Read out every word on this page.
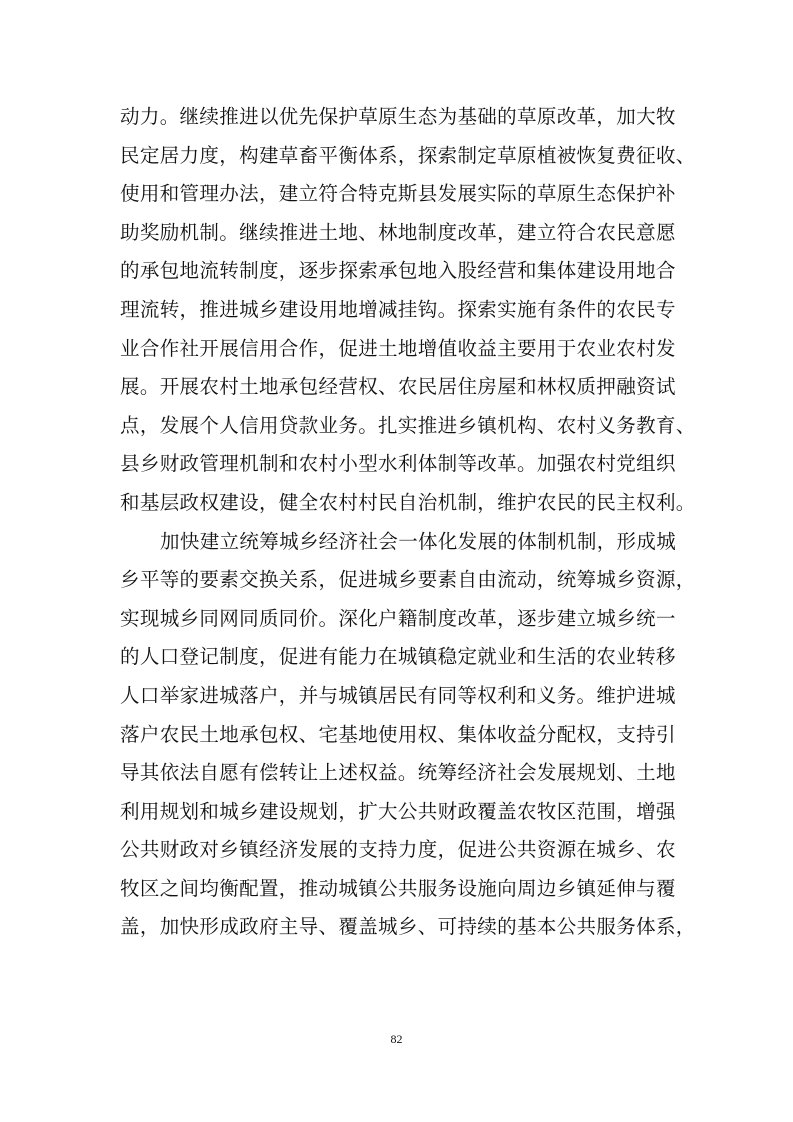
动力。继续推进以优先保护草原生态为基础的草原改革，加大牧
民定居力度，构建草畜平衡体系，探索制定草原植被恢复费征收、
使用和管理办法，建立符合特克斯县发展实际的草原生态保护补
助奖励机制。继续推进土地、林地制度改革，建立符合农民意愿
的承包地流转制度，逐步探索承包地入股经营和集体建设用地合
理流转，推进城乡建设用地增减挂钩。探索实施有条件的农民专
业合作社开展信用合作，促进土地增值收益主要用于农业农村发
展。开展农村土地承包经营权、农民居住房屋和林权质押融资试
点，发展个人信用贷款业务。扎实推进乡镇机构、农村义务教育、
县乡财政管理机制和农村小型水利体制等改革。加强农村党组织
和基层政权建设，健全农村村民自治机制，维护农民的民主权利。
加快建立统筹城乡经济社会一体化发展的体制机制，形成城
乡平等的要素交换关系，促进城乡要素自由流动，统筹城乡资源，
实现城乡同网同质同价。深化户籍制度改革，逐步建立城乡统一
的人口登记制度，促进有能力在城镇稳定就业和生活的农业转移
人口举家进城落户，并与城镇居民有同等权利和义务。维护进城
落户农民土地承包权、宅基地使用权、集体收益分配权，支持引
导其依法自愿有偿转让上述权益。统筹经济社会发展规划、土地
利用规划和城乡建设规划，扩大公共财政覆盖农牧区范围，增强
公共财政对乡镇经济发展的支持力度，促进公共资源在城乡、农
牧区之间均衡配置，推动城镇公共服务设施向周边乡镇延伸与覆
盖，加快形成政府主导、覆盖城乡、可持续的基本公共服务体系，
82
